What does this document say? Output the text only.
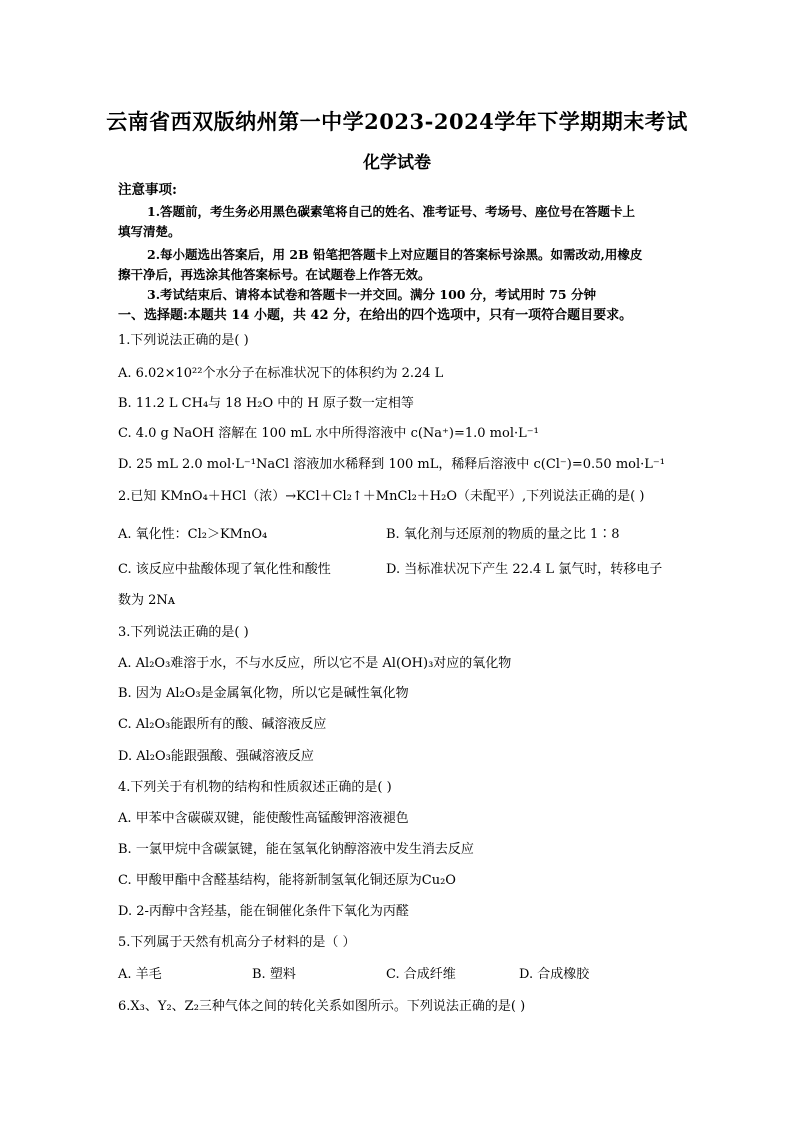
云南省西双版纳州第一中学2023-2024学年下学期期末考试
化学试卷
注意事项:
1.答题前，考生务必用黑色碳素笔将自己的姓名、准考证号、考场号、座位号在答题卡上
填写清楚。
2.每小题选出答案后，用 2B 铅笔把答题卡上对应题目的答案标号涂黑。如需改动,用橡皮
擦干净后，再选涂其他答案标号。在试题卷上作答无效。
3.考试结束后、请将本试卷和答题卡一并交回。满分 100 分，考试用时 75 分钟
一、选择题:本题共 14 小题，共 42 分，在给出的四个选项中，只有一项符合题目要求。
1.下列说法正确的是( )
A. 6.02×10²²个水分子在标准状况下的体积约为 2.24 L
B. 11.2 L CH₄与 18 H₂O 中的 H 原子数一定相等
C. 4.0 g NaOH 溶解在 100 mL 水中所得溶液中 c(Na⁺)=1.0 mol·L⁻¹
D. 25 mL 2.0 mol·L⁻¹NaCl 溶液加水稀释到 100 mL，稀释后溶液中 c(Cl⁻)=0.50 mol·L⁻¹
2.已知 KMnO₄＋HCl（浓）→KCl＋Cl₂↑＋MnCl₂＋H₂O（未配平）,下列说法正确的是( )
A. 氧化性：Cl₂＞KMnO₄	B. 氧化剂与还原剂的物质的量之比 1∶8
C. 该反应中盐酸体现了氧化性和酸性	D. 当标准状况下产生 22.4 L 氯气时，转移电子
数为 2Nᴀ
3.下列说法正确的是( )
A. Al₂O₃难溶于水，不与水反应，所以它不是 Al(OH)₃对应的氧化物
B. 因为 Al₂O₃是金属氧化物，所以它是碱性氧化物
C. Al₂O₃能跟所有的酸、碱溶液反应
D. Al₂O₃能跟强酸、强碱溶液反应
4.下列关于有机物的结构和性质叙述正确的是( )
A. 甲苯中含碳碳双键，能使酸性高锰酸钾溶液褪色
B. 一氯甲烷中含碳氯键，能在氢氧化钠醇溶液中发生消去反应
C. 甲酸甲酯中含醛基结构，能将新制氢氧化铜还原为Cu₂O
D. 2-丙醇中含羟基，能在铜催化条件下氧化为丙醛
5.下列属于天然有机高分子材料的是（ ）
A. 羊毛	B. 塑料	C. 合成纤维	D. 合成橡胶
6.X₃、Y₂、Z₂三种气体之间的转化关系如图所示。下列说法正确的是( )
